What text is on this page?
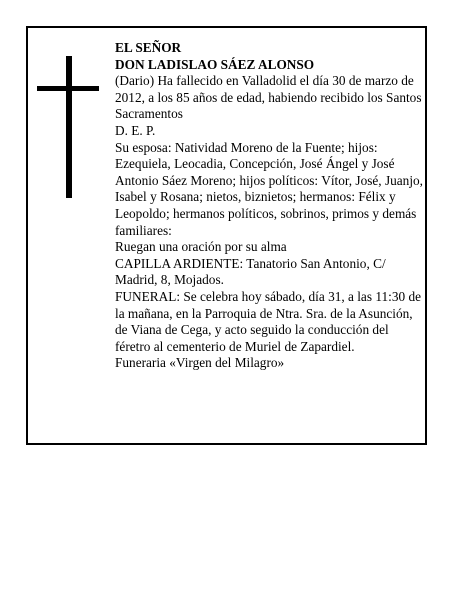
EL SEÑOR

DON LADISLAO SÁEZ ALONSO

(Dario) Ha fallecido en Valladolid el día 30 de marzo de 2012, a los 85 años de edad, habiendo recibido los Santos Sacramentos

D. E. P.

Su esposa: Natividad Moreno de la Fuente; hijos: Ezequiela, Leocadia, Concepción, José Ángel y José Antonio Sáez Moreno; hijos políticos: Vítor, José, Juanjo, Isabel y Rosana; nietos, biznietos; hermanos: Félix y Leopoldo; hermanos políticos, sobrinos, primos y demás familiares:

Ruegan una oración por su alma

CAPILLA ARDIENTE: Tanatorio San Antonio, C/ Madrid, 8, Mojados.

FUNERAL: Se celebra hoy sábado, día 31, a las 11:30 de la mañana, en la Parroquia de Ntra. Sra. de la Asunción, de Viana de Cega, y acto seguido la conducción del féretro al cementerio de Muriel de Zapardiel.

Funeraria «Virgen del Milagro»
